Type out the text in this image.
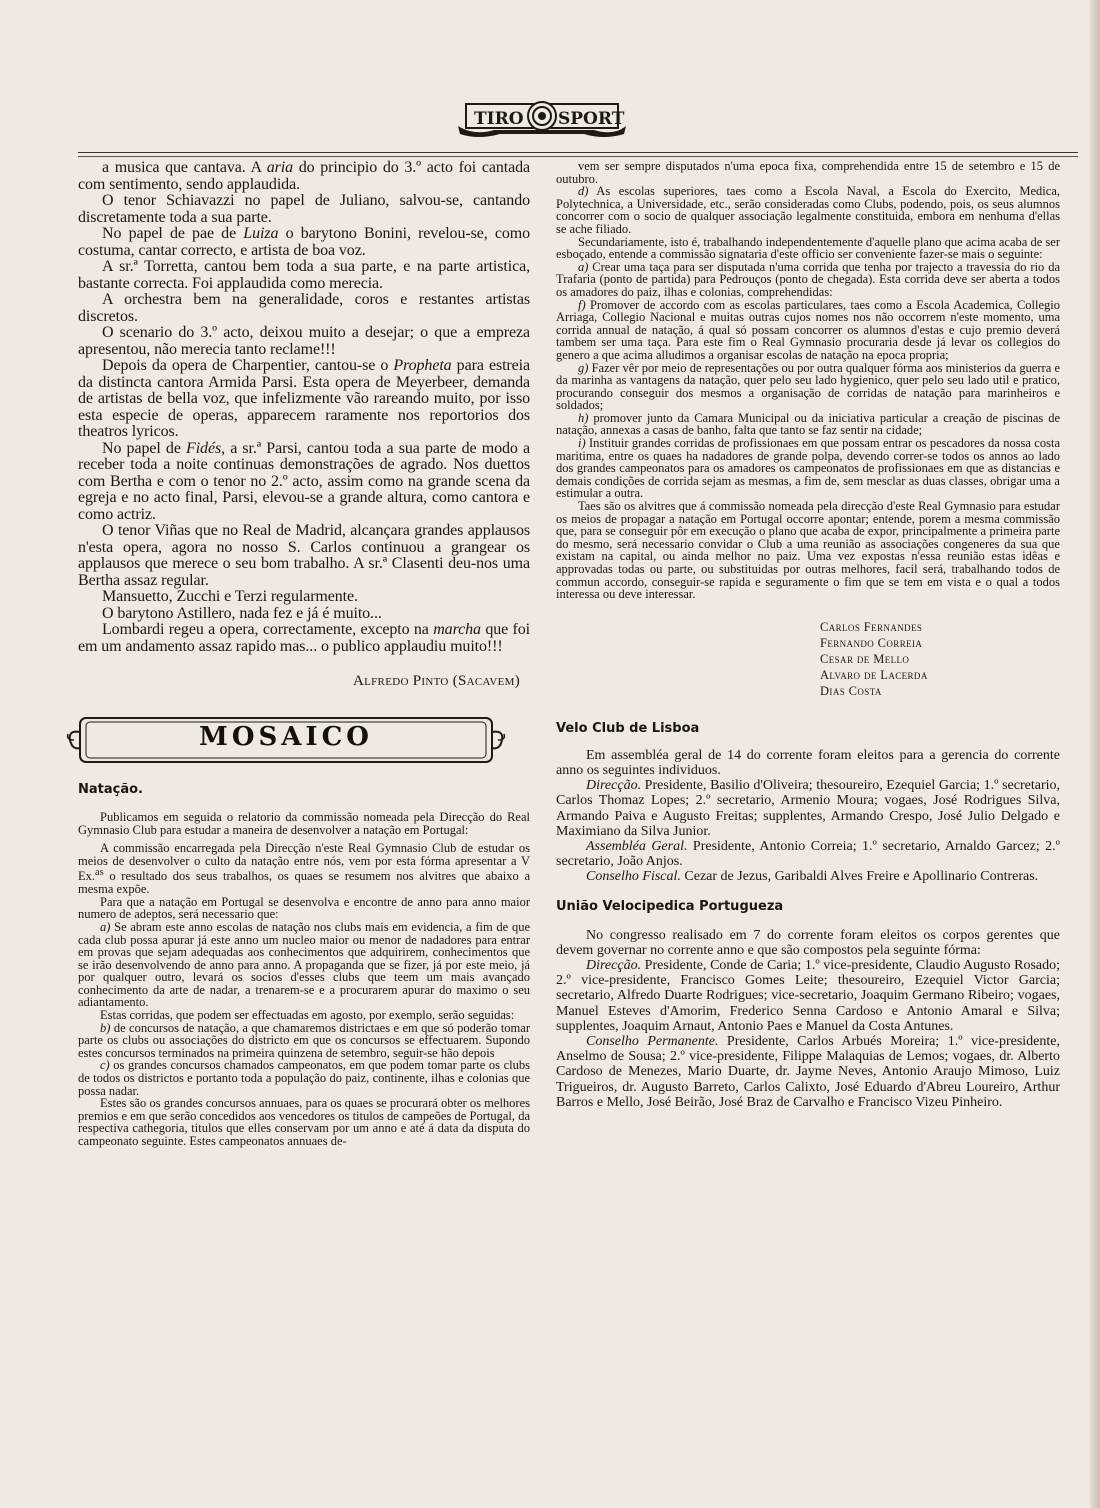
TIRO SPORT

a musica que cantava. A aria do principio do 3.º acto foi cantada com sentimento, sendo applaudida.

O tenor Schiavazzi no papel de Juliano, salvou-se, cantando discretamente toda a sua parte.

No papel de pae de Luiza o barytono Bonini, revelou-se, como costuma, cantar correcto, e artista de boa voz.

A sr.ª Torretta, cantou bem toda a sua parte, e na parte artistica, bastante correcta. Foi applaudida como merecia.

A orchestra bem na generalidade, coros e restantes artistas discretos.

O scenario do 3.º acto, deixou muito a desejar; o que a empreza apresentou, não merecia tanto reclame!!!

Depois da opera de Charpentier, cantou-se o Propheta para estreia da distincta cantora Armida Parsi. Esta opera de Meyerbeer, demanda de artistas de bella voz, que infelizmente vão rareando muito, por isso esta especie de operas, apparecem raramente nos reportorios dos theatros lyricos.

No papel de Fidés, a sr.ª Parsi, cantou toda a sua parte de modo a receber toda a noite continuas demonstrações de agrado. Nos duettos com Bertha e com o tenor no 2.º acto, assim como na grande scena da egreja e no acto final, Parsi, elevou-se a grande altura, como cantora e como actriz.

O tenor Viñas que no Real de Madrid, alcançara grandes applausos n'esta opera, agora no nosso S. Carlos continuou a grangear os applausos que merece o seu bom trabalho. A sr.ª Clasenti deu-nos uma Bertha assaz regular.

Mansuetto, Zucchi e Terzi regularmente.

O barytono Astillero, nada fez e já é muito...

Lombardi regeu a opera, correctamente, excepto na marcha que foi em um andamento assaz rapido mas... o publico applaudiu muito!!!

Alfredo Pinto (Sacavem)
MOSAICO
Natação.

Publicamos em seguida o relatorio da commissão nomeada pela Direcção do Real Gymnasio Club para estudar a maneira de desenvolver a natação em Portugal:

A commissão encarregada pela Direcção n'este Real Gymnasio Club de estudar os meios de desenvolver o culto da natação entre nós, vem por esta fórma apresentar a V Ex.$^{as}$ o resultado dos seus trabalhos, os quaes se resumem nos alvitres que abaixo a mesma expõe.

Para que a natação em Portugal se desenvolva e encontre de anno para anno maior numero de adeptos, será necessario que:

a) Se abram este anno escolas de natação nos clubs mais em evidencia, a fim de que cada club possa apurar já este anno um nucleo maior ou menor de nadadores para entrar em provas que sejam adequadas aos conhecimentos que adquirirem, conhecimentos que se irão desenvolvendo de anno para anno. A propaganda que se fizer, já por este meio, já por qualquer outro, levará os socios d'esses clubs que teem um mais avançado conhecimento da arte de nadar, a trenarem-se e a procurarem apurar do maximo o seu adiantamento.

Estas corridas, que podem ser effectuadas em agosto, por exemplo, serão seguidas:

b) de concursos de natação, a que chamaremos districtaes e em que só poderão tomar parte os clubs ou associações do districto em que os concursos se effectuarem. Supondo estes concursos terminados na primeira quinzena de setembro, seguir-se hão depois

c) os grandes concursos chamados campeonatos, em que podem tomar parte os clubs de todos os districtos e portanto toda a população do paiz, continente, ilhas e colonias que possa nadar.

Estes são os grandes concursos annuaes, para os quaes se procurará obter os melhores premios e em que serão concedidos aos vencedores os titulos de campeões de Portugal, da respectiva cathegoria, titulos que elles conservam por um anno e até á data da disputa do campeonato seguinte. Estes campeonatos annuaes de-

vem ser sempre disputados n'uma epoca fixa, comprehendida entre 15 de setembro e 15 de outubro.

d) As escolas superiores, taes como a Escola Naval, a Escola do Exercito, Medica, Polytechnica, a Universidade, etc., serão consideradas como Clubs, podendo, pois, os seus alumnos concorrer com o socio de qualquer associação legalmente constituida, embora em nenhuma d'ellas se ache filiado.

Secundariamente, isto é, trabalhando independentemente d'aquelle plano que acima acaba de ser esboçado, entende a commissão signataria d'este officio ser conveniente fazer-se mais o seguinte:

a) Crear uma taça para ser disputada n'uma corrida que tenha por trajecto a travessia do rio da Trafaria (ponto de partida) para Pedrouços (ponto de chegada). Esta corrida deve ser aberta a todos os amadores do paiz, ilhas e colonias, comprehendidas:

f) Promover de accordo com as escolas particulares, taes como a Escola Academica, Collegio Arriaga, Collegio Nacional e muitas outras cujos nomes nos não occorrem n'este momento, uma corrida annual de natação, á qual só possam concorrer os alumnos d'estas e cujo premio deverá tambem ser uma taça. Para este fim o Real Gymnasio procuraria desde já levar os collegios do genero a que acima alludimos a organisar escolas de natação na epoca propria;

g) Fazer vêr por meio de representações ou por outra qualquer fórma aos ministerios da guerra e da marinha as vantagens da natação, quer pelo seu lado hygienico, quer pelo seu lado util e pratico, procurando conseguir dos mesmos a organisação de corridas de natação para marinheiros e soldados;

h) promover junto da Camara Municipal ou da iniciativa particular a creação de piscinas de natação, annexas a casas de banho, falta que tanto se faz sentir na cidade;

i) Instituir grandes corridas de profissionaes em que possam entrar os pescadores da nossa costa maritima, entre os quaes ha nadadores de grande polpa, devendo correr-se todos os annos ao lado dos grandes campeonatos para os amadores os campeonatos de profissionaes em que as distancias e demais condições de corrida sejam as mesmas, a fim de, sem mesclar as duas classes, obrigar uma a estimular a outra.

Taes são os alvitres que á commissão nomeada pela direcção d'este Real Gymnasio para estudar os meios de propagar a natação em Portugal occorre apontar; entende, porem a mesma commissão que, para se conseguir pôr em execução o plano que acaba de expor, principalmente a primeira parte do mesmo, será necessario convidar o Club a uma reunião as associações congeneres da sua que existam na capital, ou ainda melhor no paiz. Uma vez expostas n'essa reunião estas idêas e approvadas todas ou parte, ou substituidas por outras melhores, facil será, trabalhando todos de commun accordo, conseguir-se rapida e seguramente o fim que se tem em vista e o qual a todos interessa ou deve interessar.

Carlos Fernandes
Fernando Correia
Cesar de Mello
Alvaro de Lacerda
Dias Costa
Velo Club de Lisboa

Em assembléa geral de 14 do corrente foram eleitos para a gerencia do corrente anno os seguintes individuos.

Direcção. Presidente, Basilio d'Oliveira; thesoureiro, Ezequiel Garcia; 1.º secretario, Carlos Thomaz Lopes; 2.º secretario, Armenio Moura; vogaes, José Rodrigues Silva, Armando Paiva e Augusto Freitas; supplentes, Armando Crespo, José Julio Delgado e Maximiano da Silva Junior.

Assembléa Geral. Presidente, Antonio Correia; 1.º secretario, Arnaldo Garcez; 2.º secretario, João Anjos.

Conselho Fiscal. Cezar de Jezus, Garibaldi Alves Freire e Apollinario Contreras.

União Velocipedica Portugueza

No congresso realisado em 7 do corrente foram eleitos os corpos gerentes que devem governar no corrente anno e que são compostos pela seguinte fórma:

Direcção. Presidente, Conde de Caria; 1.º vice-presidente, Claudio Augusto Rosado; 2.º vice-presidente, Francisco Gomes Leite; thesoureiro, Ezequiel Victor Garcia; secretario, Alfredo Duarte Rodrigues; vice-secretario, Joaquim Germano Ribeiro; vogaes, Manuel Esteves d'Amorim, Frederico Senna Cardoso e Antonio Amaral e Silva; supplentes, Joaquim Arnaut, Antonio Paes e Manuel da Costa Antunes.

Conselho Permanente. Presidente, Carlos Arbués Moreira; 1.º vice-presidente, Anselmo de Sousa; 2.º vice-presidente, Filippe Malaquias de Lemos; vogaes, dr. Alberto Cardoso de Menezes, Mario Duarte, dr. Jayme Neves, Antonio Araujo Mimoso, Luiz Trigueiros, dr. Augusto Barreto, Carlos Calixto, José Eduardo d'Abreu Loureiro, Arthur Barros e Mello, José Beirão, José Braz de Carvalho e Francisco Vizeu Pinheiro.
